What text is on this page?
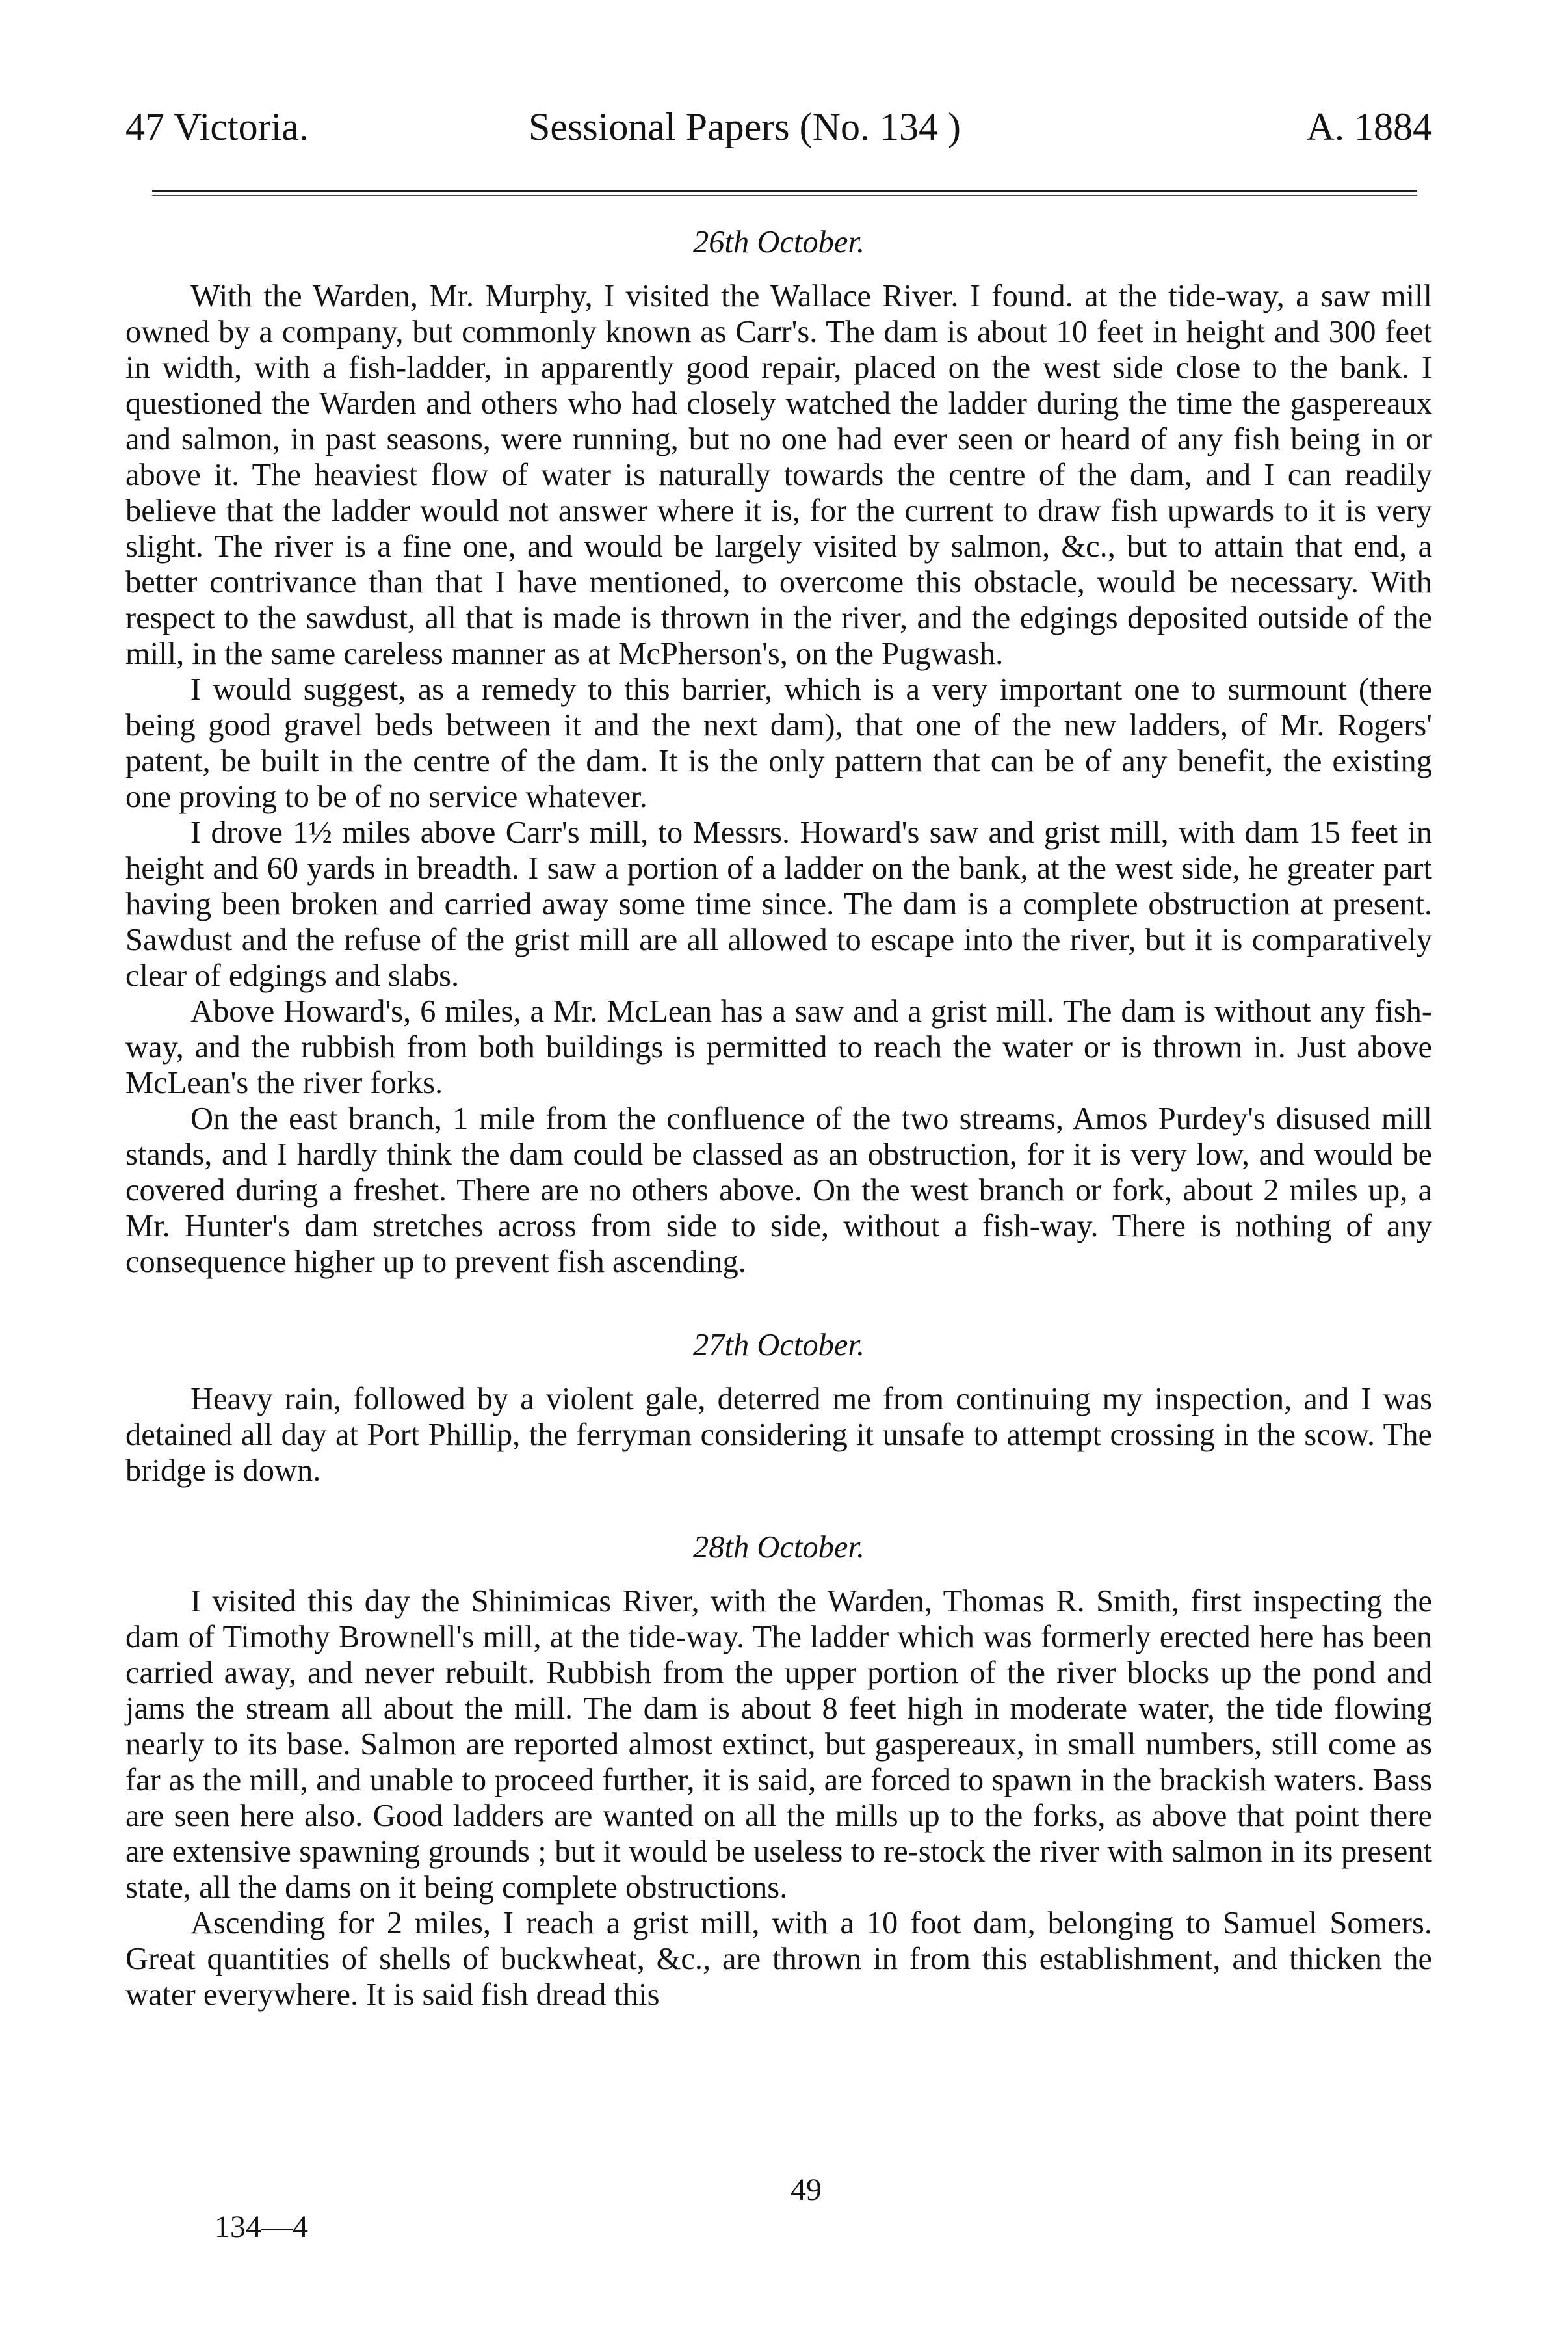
47 Victoria.	Sessional Papers (No. 134 )	A. 1884
26th October.

With the Warden, Mr. Murphy, I visited the Wallace River. I found. at the tide-way, a saw mill owned by a company, but commonly known as Carr's. The dam is about 10 feet in height and 300 feet in width, with a fish-ladder, in apparently good repair, placed on the west side close to the bank. I questioned the Warden and others who had closely watched the ladder during the time the gaspereaux and salmon, in past seasons, were running, but no one had ever seen or heard of any fish being in or above it. The heaviest flow of water is naturally towards the centre of the dam, and I can readily believe that the ladder would not answer where it is, for the current to draw fish upwards to it is very slight. The river is a fine one, and would be largely visited by salmon, &c., but to attain that end, a better contrivance than that I have mentioned, to overcome this obstacle, would be necessary. With respect to the sawdust, all that is made is thrown in the river, and the edgings deposited outside of the mill, in the same careless manner as at McPherson's, on the Pugwash.

I would suggest, as a remedy to this barrier, which is a very important one to surmount (there being good gravel beds between it and the next dam), that one of the new ladders, of Mr. Rogers' patent, be built in the centre of the dam. It is the only pattern that can be of any benefit, the existing one proving to be of no service whatever.

I drove 1½ miles above Carr's mill, to Messrs. Howard's saw and grist mill, with dam 15 feet in height and 60 yards in breadth. I saw a portion of a ladder on the bank, at the west side, he greater part having been broken and carried away some time since. The dam is a complete obstruction at present. Sawdust and the refuse of the grist mill are all allowed to escape into the river, but it is comparatively clear of edgings and slabs.

Above Howard's, 6 miles, a Mr. McLean has a saw and a grist mill. The dam is without any fish-way, and the rubbish from both buildings is permitted to reach the water or is thrown in. Just above McLean's the river forks.

On the east branch, 1 mile from the confluence of the two streams, Amos Purdey's disused mill stands, and I hardly think the dam could be classed as an obstruction, for it is very low, and would be covered during a freshet. There are no others above. On the west branch or fork, about 2 miles up, a Mr. Hunter's dam stretches across from side to side, without a fish-way. There is nothing of any consequence higher up to prevent fish ascending.

27th October.

Heavy rain, followed by a violent gale, deterred me from continuing my inspection, and I was detained all day at Port Phillip, the ferryman considering it unsafe to attempt crossing in the scow. The bridge is down.

28th October.

I visited this day the Shinimicas River, with the Warden, Thomas R. Smith, first inspecting the dam of Timothy Brownell's mill, at the tide-way. The ladder which was formerly erected here has been carried away, and never rebuilt. Rubbish from the upper portion of the river blocks up the pond and jams the stream all about the mill. The dam is about 8 feet high in moderate water, the tide flowing nearly to its base. Salmon are reported almost extinct, but gaspereaux, in small numbers, still come as far as the mill, and unable to proceed further, it is said, are forced to spawn in the brackish waters. Bass are seen here also. Good ladders are wanted on all the mills up to the forks, as above that point there are extensive spawning grounds ; but it would be useless to re-stock the river with salmon in its present state, all the dams on it being complete obstructions.

Ascending for 2 miles, I reach a grist mill, with a 10 foot dam, belonging to Samuel Somers. Great quantities of shells of buckwheat, &c., are thrown in from this establishment, and thicken the water everywhere. It is said fish dread this

49
134—4
